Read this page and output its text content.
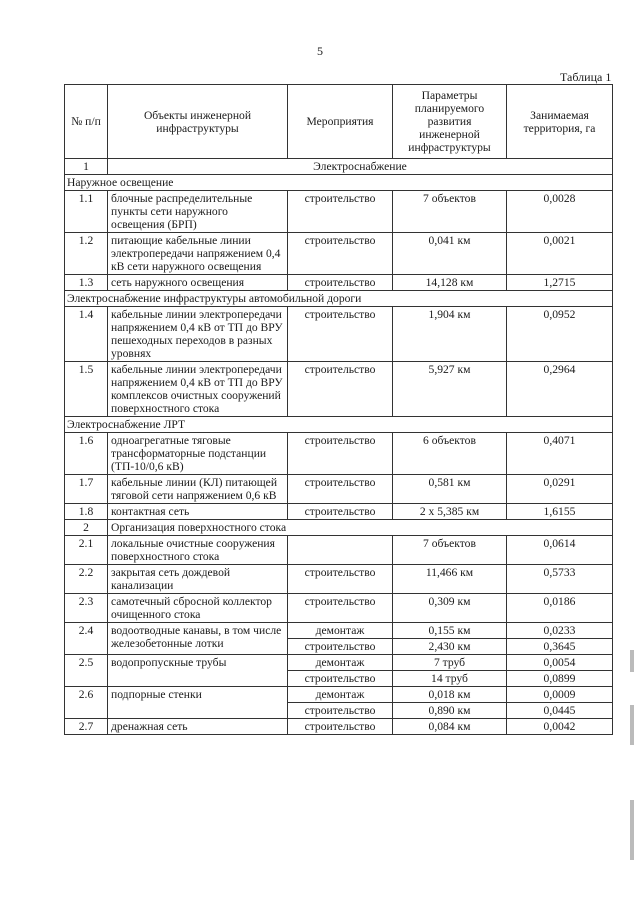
5
Таблица 1
№ п/п	Объекты инженерной инфраструктуры	Мероприятия	Параметры планируемого развития инженерной инфраструктуры	Занимаемая территория, га
1	Электроснабжение			
Наружное освещение				
1.1	блочные распределительные пункты сети наружного освещения (БРП)	строительство	7 объектов	0,0028
1.2	питающие кабельные линии электропередачи напряжением 0,4 кВ сети наружного освещения	строительство	0,041 км	0,0021
1.3	сеть наружного освещения	строительство	14,128 км	1,2715
Электроснабжение инфраструктуры автомобильной дороги				
1.4	кабельные линии электропередачи напряжением 0,4 кВ от ТП до ВРУ пешеходных переходов в разных уровнях	строительство	1,904 км	0,0952
1.5	кабельные линии электропередачи напряжением 0,4 кВ от ТП до ВРУ комплексов очистных сооружений поверхностного стока	строительство	5,927 км	0,2964
Электроснабжение ЛРТ				
1.6	одноагрегатные тяговые трансформаторные подстанции (ТП-10/0,6 кВ)	строительство	6 объектов	0,4071
1.7	кабельные линии (КЛ) питающей тяговой сети напряжением 0,6 кВ	строительство	0,581 км	0,0291
1.8	контактная сеть	строительство	2 х 5,385 км	1,6155
2	Организация поверхностного стока			
2.1	локальные очистные сооружения поверхностного стока		7 объектов	0,0614
2.2	закрытая сеть дождевой канализации	строительство	11,466 км	0,5733
2.3	самотечный сбросной коллектор очищенного стока	строительство	0,309 км	0,0186
2.4	водоотводные канавы, в том числе железобетонные лотки	демонтаж	0,155 км	0,0233
		строительство	2,430 км	0,3645
2.5	водопропускные трубы	демонтаж	7 труб	0,0054
		строительство	14 труб	0,0899
2.6	подпорные стенки	демонтаж	0,018 км	0,0009
		строительство	0,890 км	0,0445
2.7	дренажная сеть	строительство	0,084 км	0,0042
